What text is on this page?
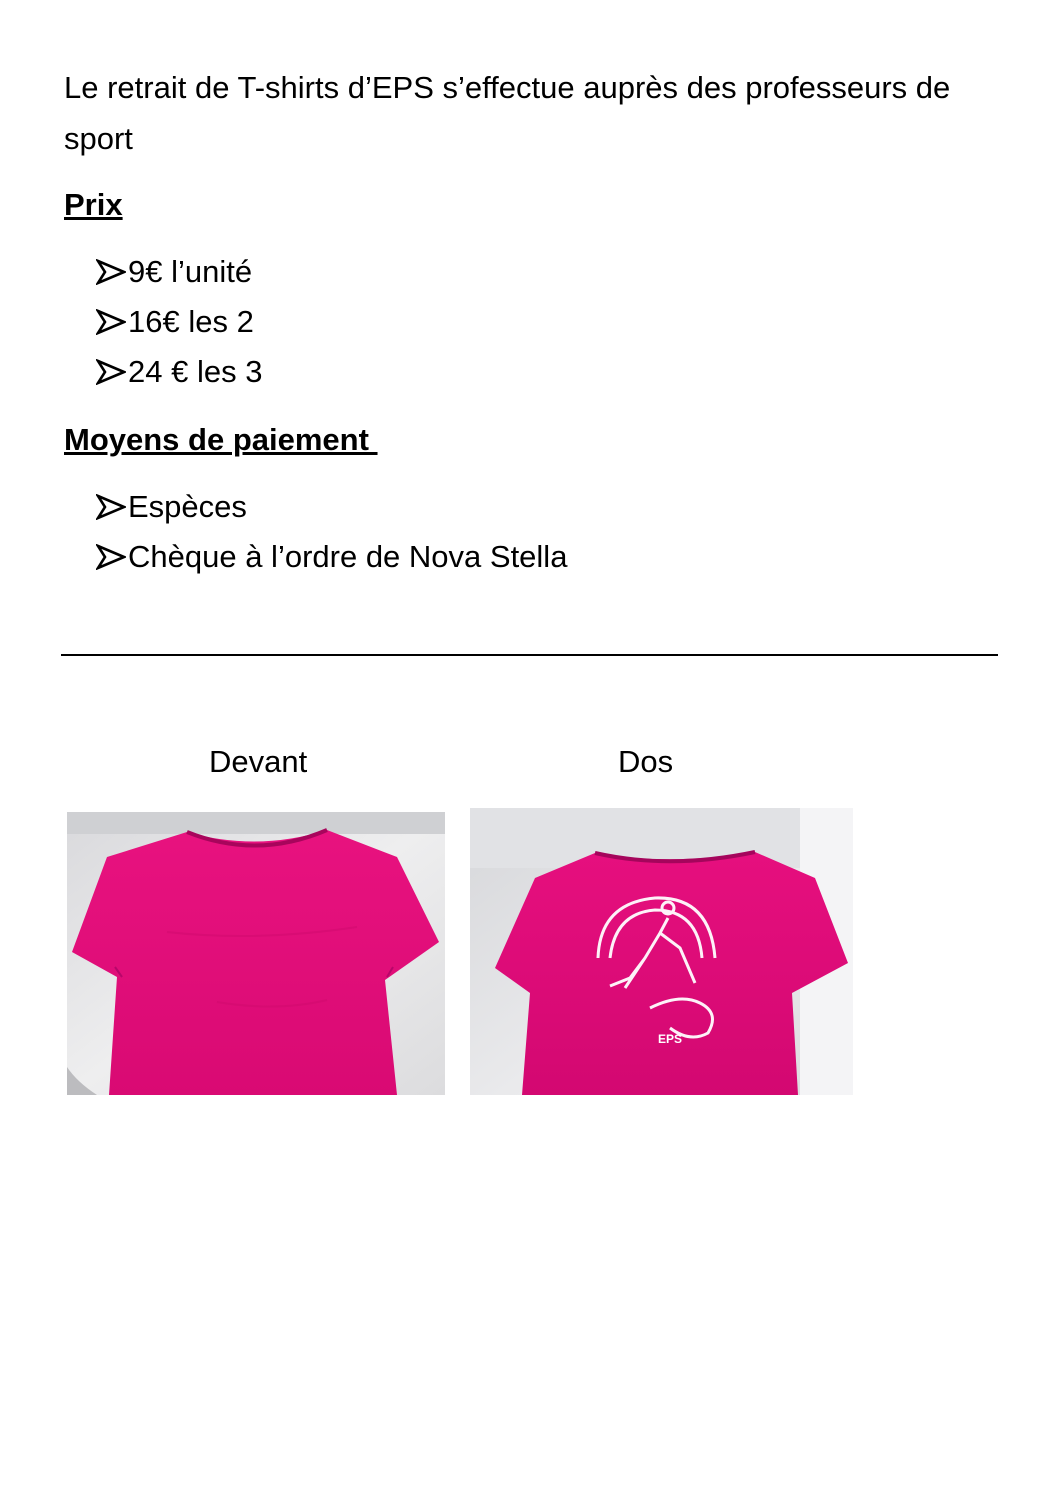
Le retrait de T-shirts d’EPS s’effectue auprès des professeurs de sport

Prix
9€ l’unité
16€ les 2
24 € les 3
Moyens de paiement
Espèces
Chèque à l’ordre de Nova Stella

Devant	Dos

EPS
